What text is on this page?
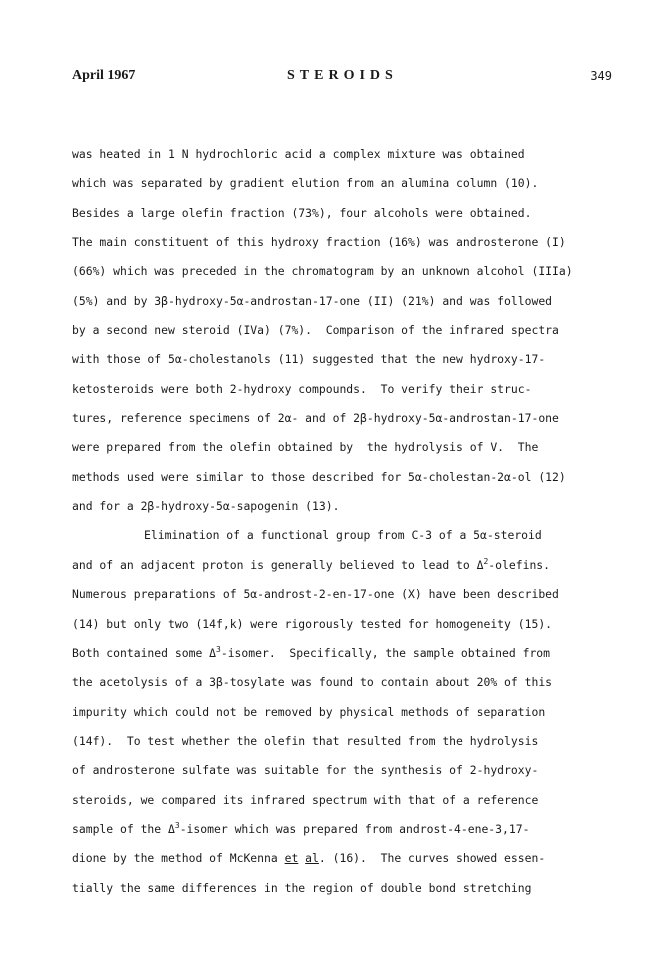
April 1967	STEROIDS	349
was heated in 1 N hydrochloric acid a complex mixture was obtained
which was separated by gradient elution from an alumina column (10).
Besides a large olefin fraction (73%), four alcohols were obtained.
The main constituent of this hydroxy fraction (16%) was androsterone (I)
(66%) which was preceded in the chromatogram by an unknown alcohol (IIIa)
(5%) and by 3β-hydroxy-5α-androstan-17-one (II) (21%) and was followed
by a second new steroid (IVa) (7%).  Comparison of the infrared spectra
with those of 5α-cholestanols (11) suggested that the new hydroxy-17-
ketosteroids were both 2-hydroxy compounds.  To verify their struc-
tures, reference specimens of 2α- and of 2β-hydroxy-5α-androstan-17-one
were prepared from the olefin obtained by  the hydrolysis of V.  The
methods used were similar to those described for 5α-cholestan-2α-ol (12)
and for a 2β-hydroxy-5α-sapogenin (13).
Elimination of a functional group from C-3 of a 5α-steroid
and of an adjacent proton is generally believed to lead to $\Delta^2$-olefins.
Numerous preparations of 5α-androst-2-en-17-one (X) have been described
(14) but only two (14f,k) were rigorously tested for homogeneity (15).
Both contained some $\Delta^3$-isomer.  Specifically, the sample obtained from
the acetolysis of a 3β-tosylate was found to contain about 20% of this
impurity which could not be removed by physical methods of separation
(14f).  To test whether the olefin that resulted from the hydrolysis
of androsterone sulfate was suitable for the synthesis of 2-hydroxy-
steroids, we compared its infrared spectrum with that of a reference
sample of the $\Delta^3$-isomer which was prepared from androst-4-ene-3,17-
dione by the method of McKenna et al. (16).  The curves showed essen-
tially the same differences in the region of double bond stretching
